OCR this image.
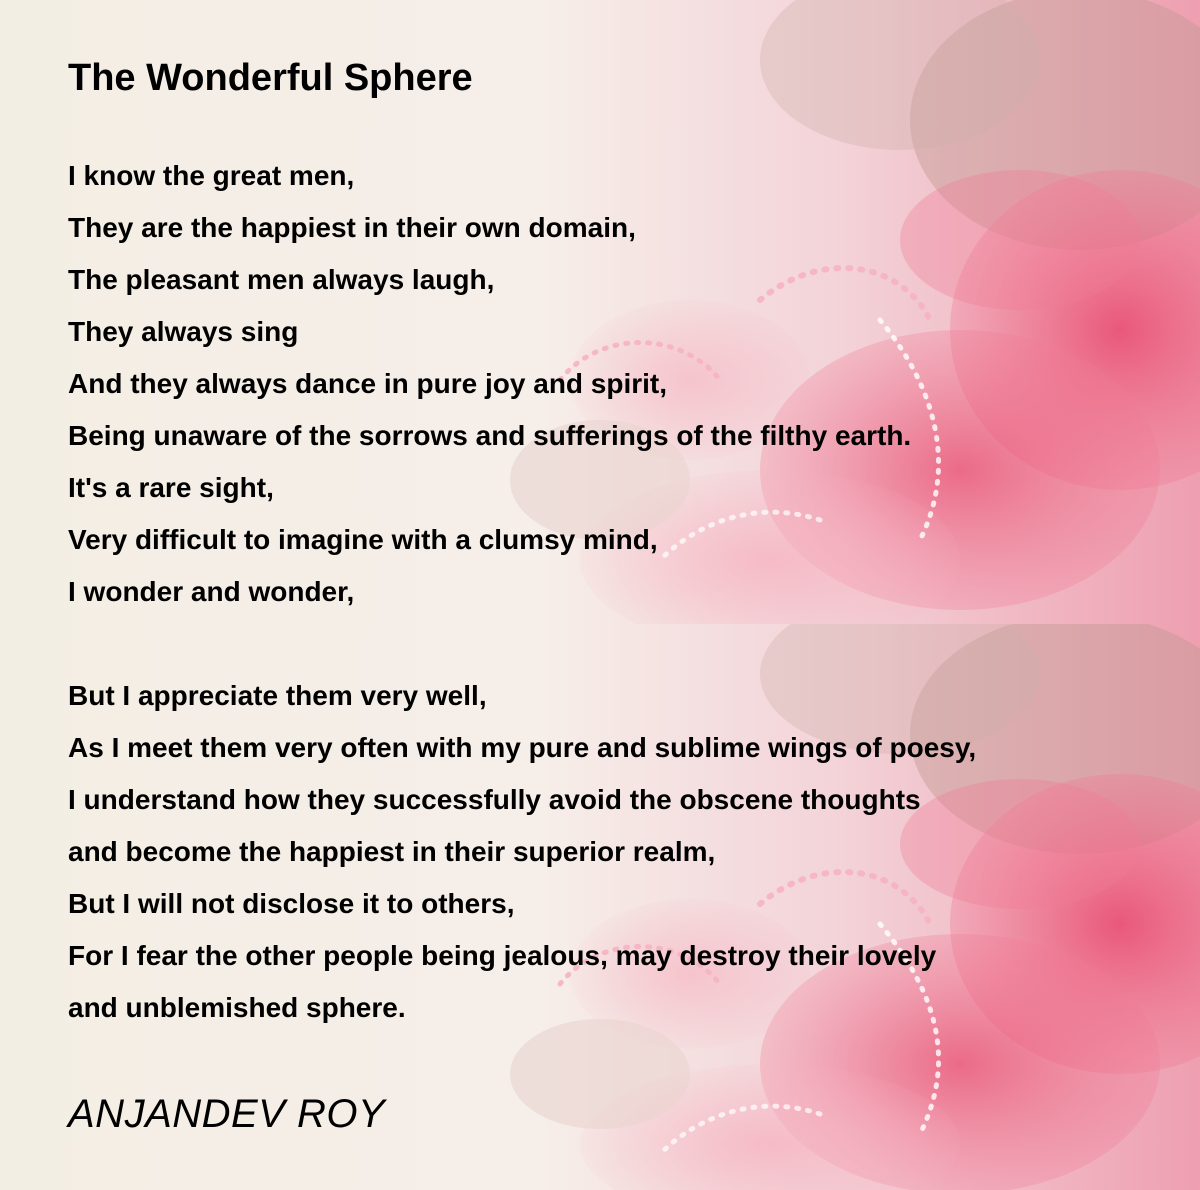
The Wonderful Sphere
I know the great men,
They are the happiest in their own domain,
The pleasant men always laugh,
They always sing
And they always dance in pure joy and spirit,
Being unaware of the sorrows and sufferings of the filthy earth.
It's a rare sight,
Very difficult to imagine with a clumsy mind,
I wonder and wonder,
But I appreciate them very well,
As I meet them very often with my pure and sublime wings of poesy,
I understand how they successfully avoid the obscene thoughts
and become the happiest in their superior realm,
But I will not disclose it to others,
For I fear the other people being jealous, may destroy their lovely
and unblemished sphere.
ANJANDEV ROY
